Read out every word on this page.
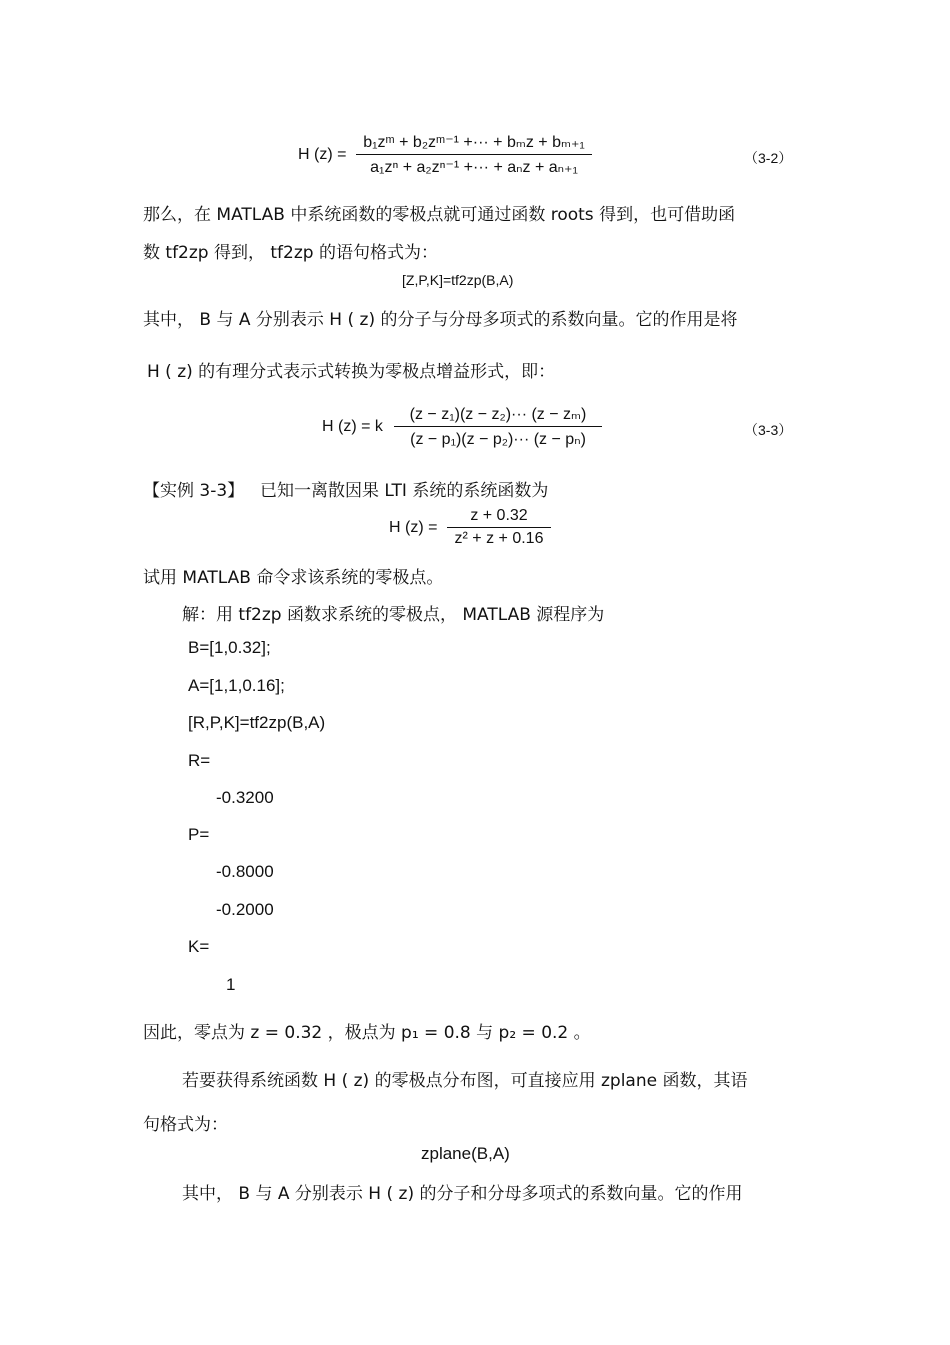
H (z) =
b₁zᵐ + b₂zᵐ⁻¹ +··· + bₘz + bₘ₊₁
a₁zⁿ + a₂zⁿ⁻¹ +··· + aₙz + aₙ₊₁
（3-2）
那么，在 MATLAB 中系统函数的零极点就可通过函数 roots 得到，也可借助函
数 tf2zp 得到， tf2zp 的语句格式为：
[Z,P,K]=tf2zp(B,A)
其中， B 与 A 分别表示 H ( z) 的分子与分母多项式的系数向量。它的作用是将
H ( z) 的有理分式表示式转换为零极点增益形式，即：
H (z) = k
(z − z₁)(z − z₂)··· (z − zₘ)
(z − p₁)(z − p₂)··· (z − pₙ)
（3-3）
【实例 3-3】 已知一离散因果 LTI 系统的系统函数为
H (z) =
z + 0.32
z² + z + 0.16
试用 MATLAB 命令求该系统的零极点。
解：用 tf2zp 函数求系统的零极点， MATLAB 源程序为
B=[1,0.32];
A=[1,1,0.16];
[R,P,K]=tf2zp(B,A)
R=
-0.3200
P=
-0.8000
-0.2000
K=
1
因此，零点为 z = 0.32 ，极点为 p₁ = 0.8 与 p₂ = 0.2 。
若要获得系统函数 H ( z) 的零极点分布图，可直接应用 zplane 函数，其语
句格式为：
zplane(B,A)
其中， B 与 A 分别表示 H ( z) 的分子和分母多项式的系数向量。它的作用
